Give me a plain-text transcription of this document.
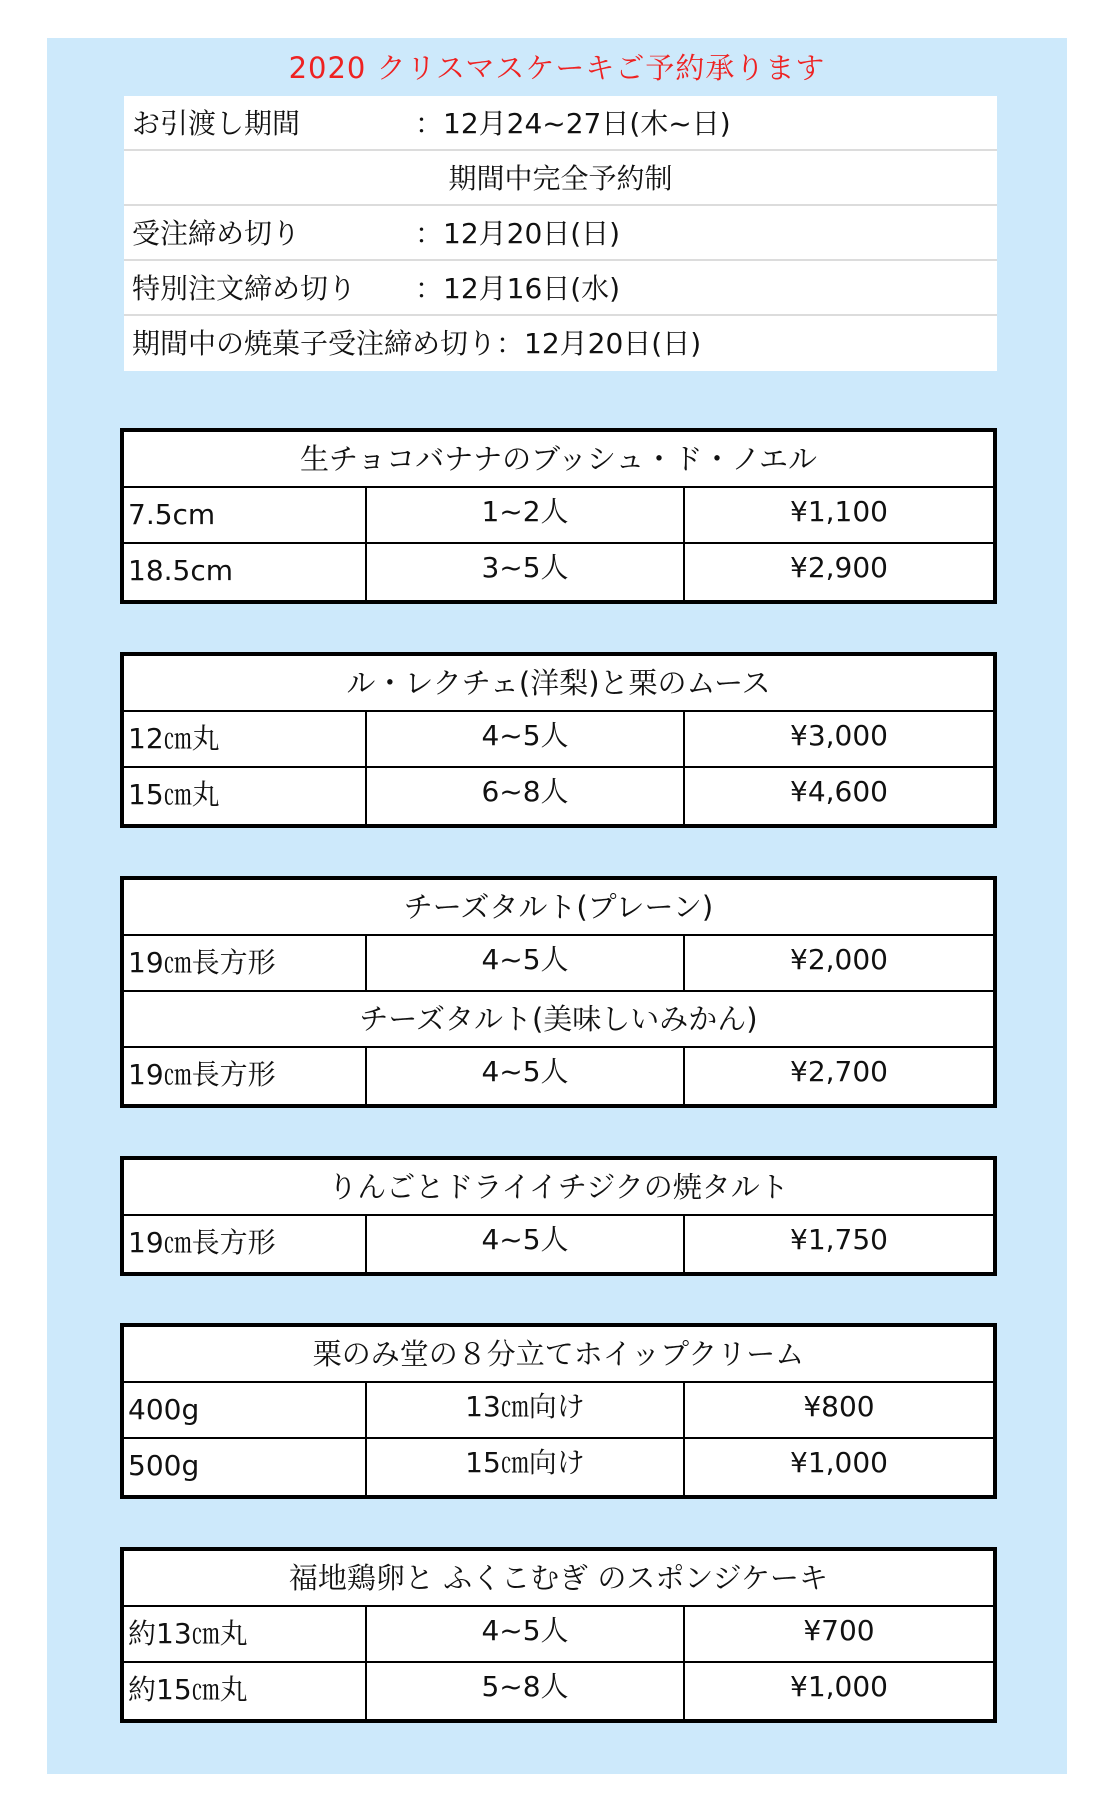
2020 クリスマスケーキご予約承ります
お引渡し期間	：12月24~27日(木~日)
期間中完全予約制
受注締め切り	：12月20日(日)
特別注文締め切り ：12月16日(水)
期間中の焼菓子受注締め切り：12月20日(日)
生チョコバナナのブッシュ・ド・ノエル
7.5cm	1~2人	¥1,100
18.5cm	3~5人	¥2,900
ル・レクチェ(洋梨)と栗のムース
12㎝丸	4~5人	¥3,000
15㎝丸	6~8人	¥4,600
チーズタルト(プレーン)
19㎝長方形	4~5人	¥2,000
チーズタルト(美味しいみかん)
19㎝長方形	4~5人	¥2,700
りんごとドライイチジクの焼タルト
19㎝長方形	4~5人	¥1,750
栗のみ堂の８分立てホイップクリーム
400g	13㎝向け	¥800
500g	15㎝向け	¥1,000
福地鶏卵と ふくこむぎ のスポンジケーキ
約13㎝丸	4~5人	¥700
約15㎝丸	5~8人	¥1,000
